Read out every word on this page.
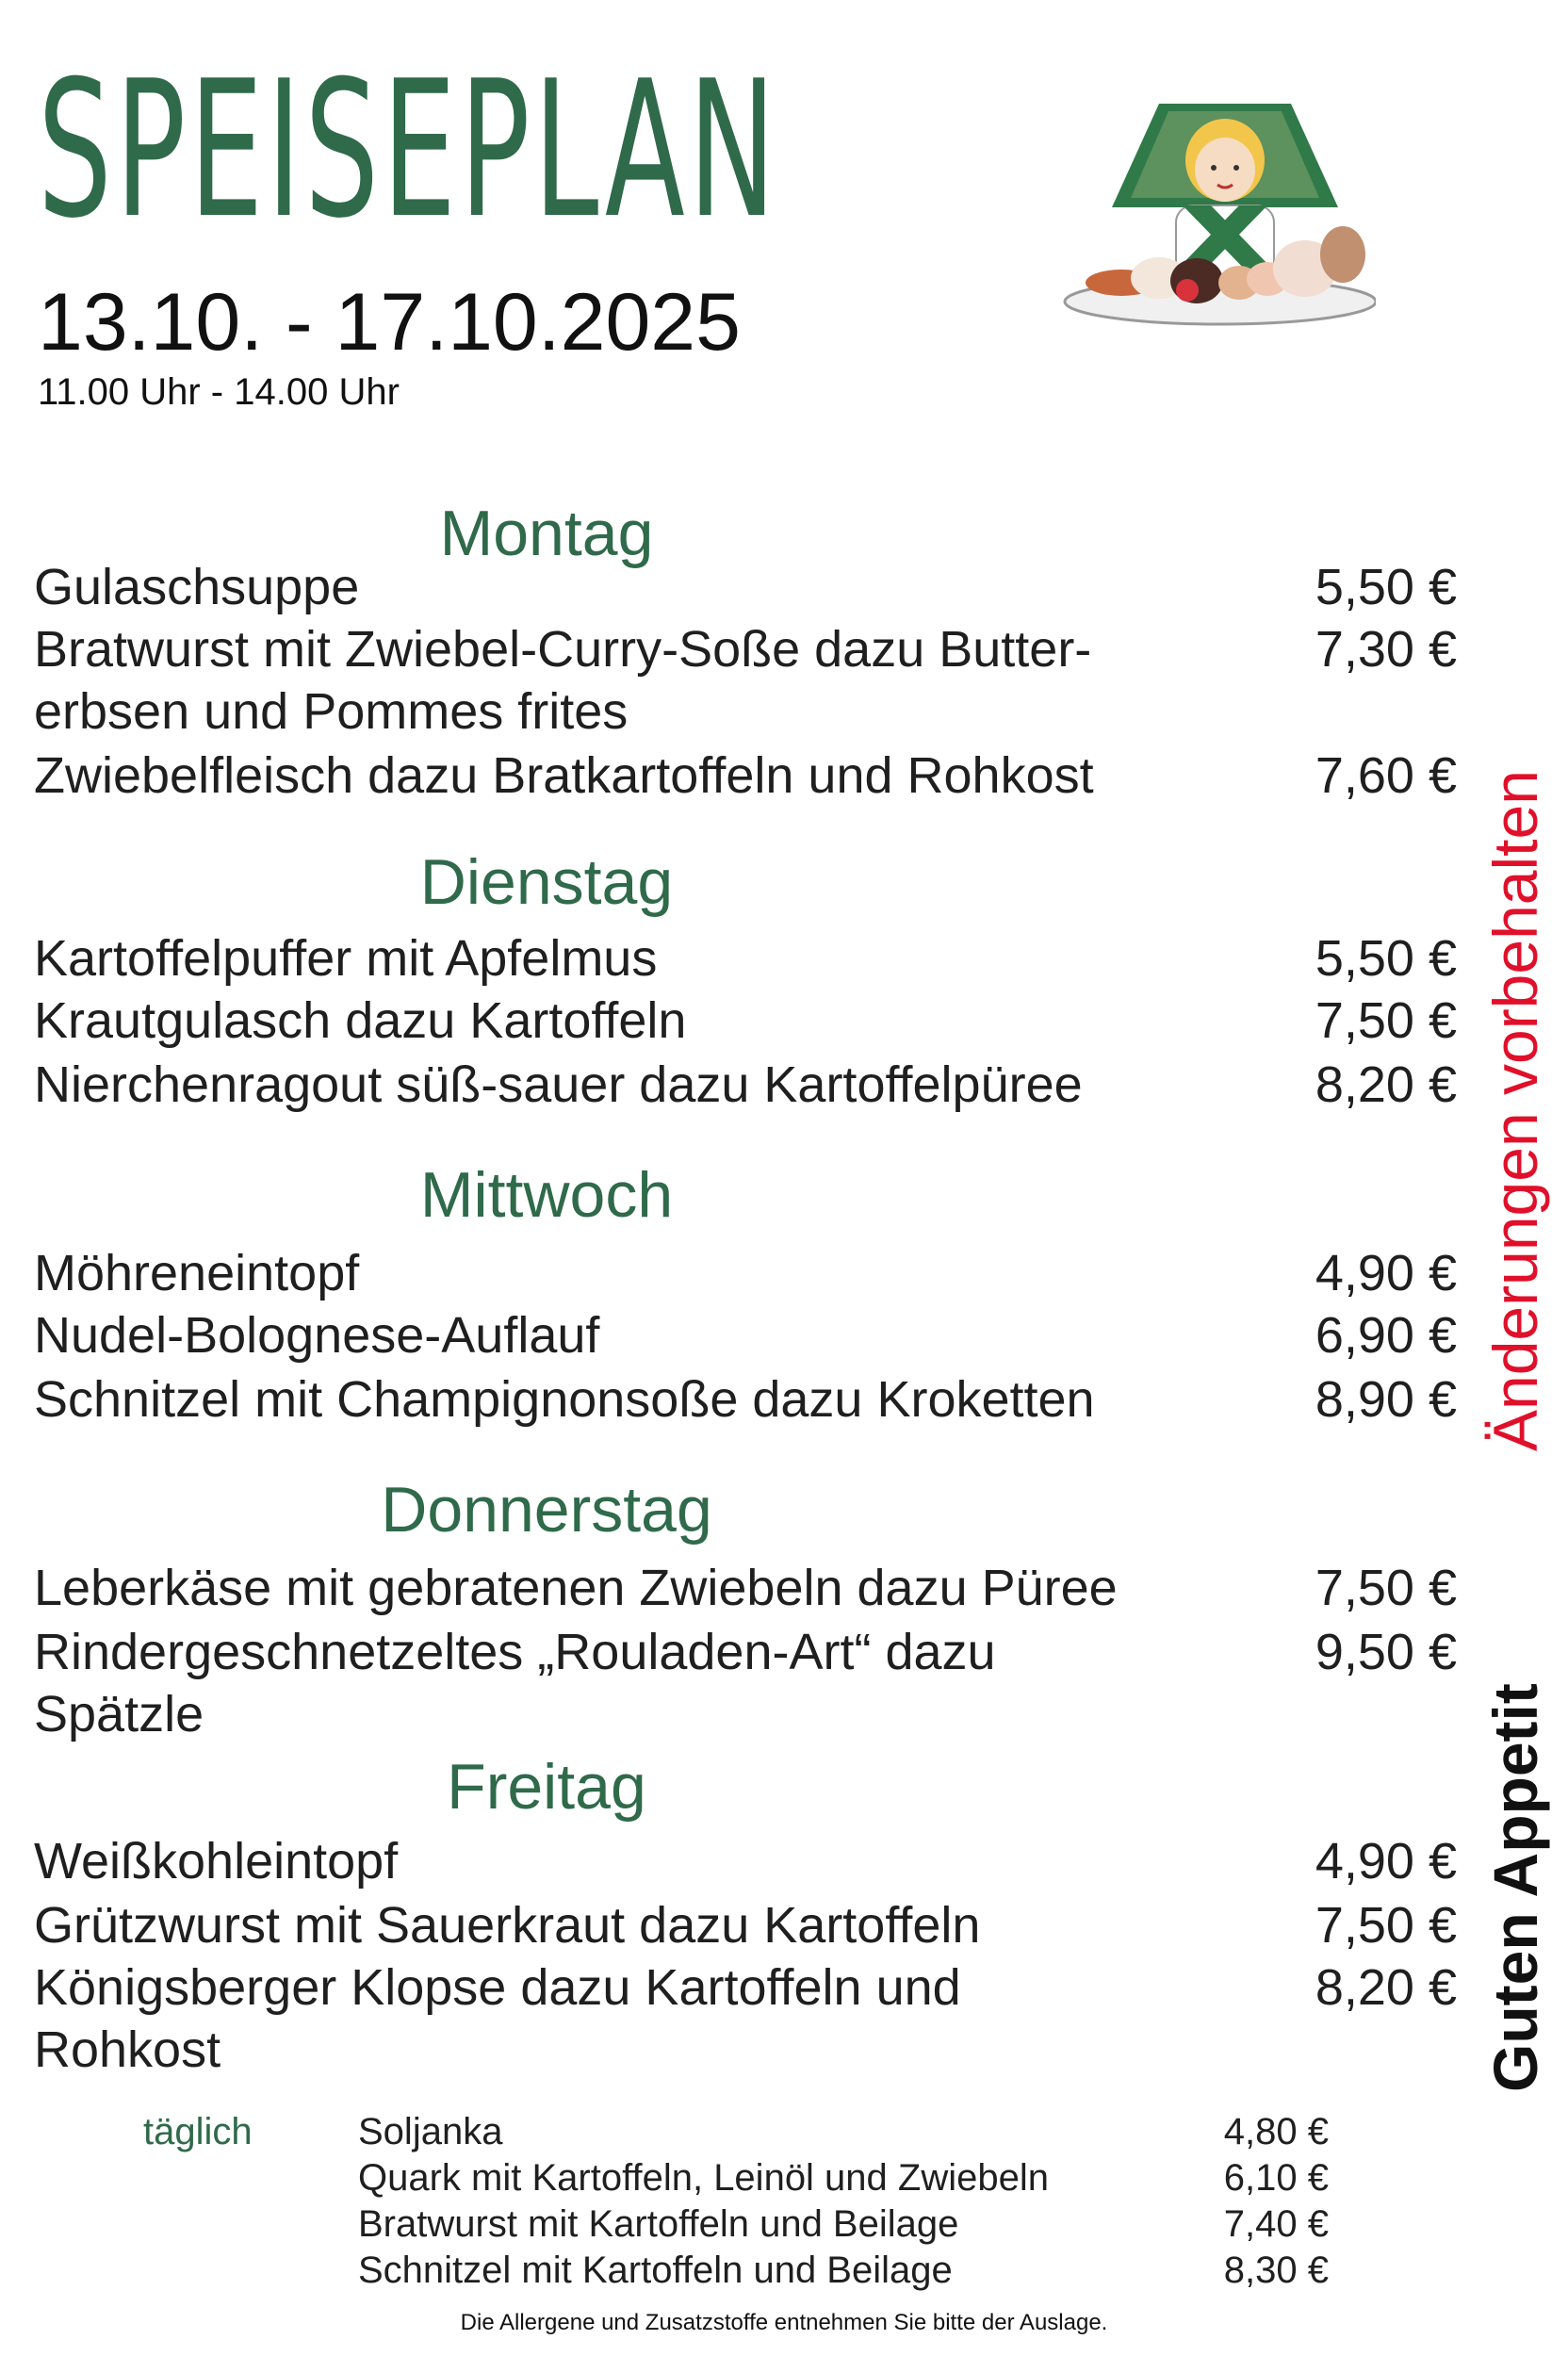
SPEISEPLAN
13.10. - 17.10.2025
11.00 Uhr - 14.00 Uhr
Montag
Gulaschsuppe	5,50 €
Bratwurst mit Zwiebel-Curry-Soße dazu Butter-
erbsen und Pommes frites
7,30 €
Zwiebelfleisch dazu Bratkartoffeln und Rohkost	7,60 €
Dienstag
Kartoffelpuffer mit Apfelmus	5,50 €
Krautgulasch dazu Kartoffeln	7,50 €
Nierchenragout süß-sauer dazu Kartoffelpüree	8,20 €
Mittwoch
Möhreneintopf	4,90 €
Nudel-Bolognese-Auflauf	6,90 €
Schnitzel mit Champignonsoße dazu Kroketten	8,90 €
Donnerstag
Leberkäse mit gebratenen Zwiebeln dazu Püree	7,50 €
Rindergeschnetzeltes „Rouladen-Art“ dazu
Spätzle
9,50 €
Freitag
Weißkohleintopf	4,90 €
Grützwurst mit Sauerkraut dazu Kartoffeln	7,50 €
Königsberger Klopse dazu Kartoffeln und
Rohkost
8,20 €
Änderungen vorbehalten
Guten Appetit
täglich	Soljanka	4,80 €
Quark mit Kartoffeln, Leinöl und Zwiebeln	6,10 €
Bratwurst mit Kartoffeln und Beilage	7,40 €
Schnitzel mit Kartoffeln und Beilage	8,30 €
Die Allergene und Zusatzstoffe entnehmen Sie bitte der Auslage.
